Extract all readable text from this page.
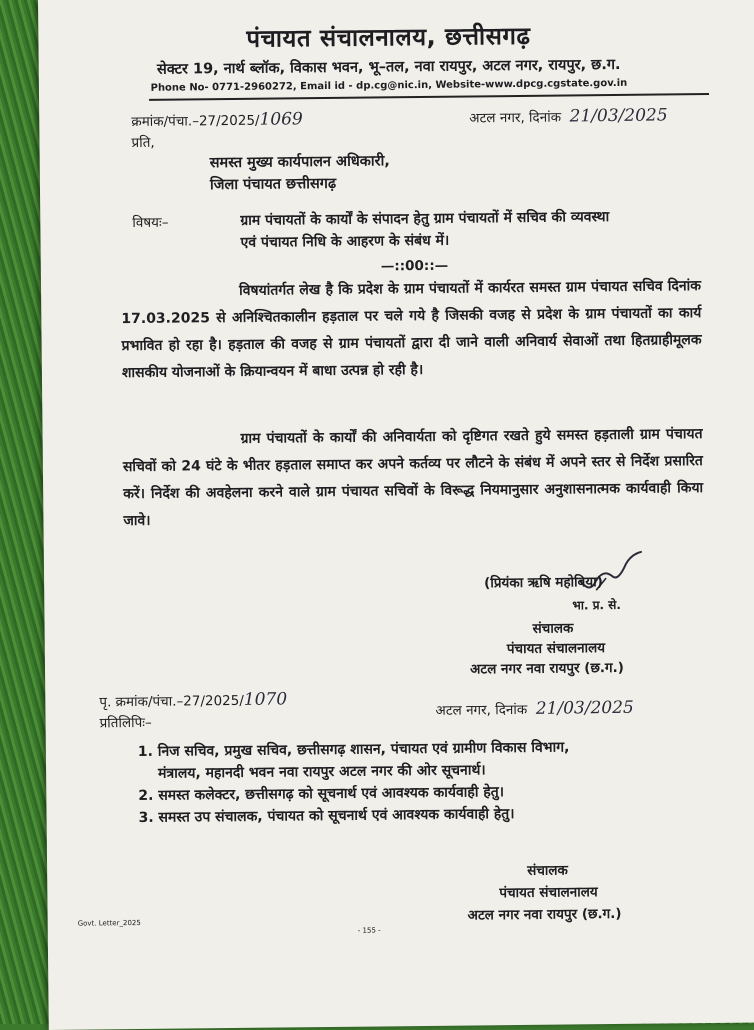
पंचायत संचालनालय, छत्तीसगढ़
सेक्टर 19, नार्थ ब्लॉक, विकास भवन, भू–तल, नवा रायपुर, अटल नगर, रायपुर, छ.ग.
Phone No- 0771-2960272, Email id - dp.cg@nic.in, Website-www.dpcg.cgstate.gov.in
क्रमांक/पंचा.–27/2025/1069	अटल नगर, दिनांक 21/03/2025
प्रति,
समस्त मुख्य कार्यपालन अधिकारी,
जिला पंचायत छत्तीसगढ़
विषयः–	ग्राम पंचायतों के कार्यों के संपादन हेतु ग्राम पंचायतों में सचिव की व्यवस्था
एवं पंचायत निधि के आहरण के संबंध में।
—::00::—
विषयांतर्गत लेख है कि प्रदेश के ग्राम पंचायतों में कार्यरत समस्त ग्राम पंचायत सचिव दिनांक 17.03.2025 से अनिश्चितकालीन हड़ताल पर चले गये है जिसकी वजह से प्रदेश के ग्राम पंचायतों का कार्य प्रभावित हो रहा है। हड़ताल की वजह से ग्राम पंचायतों द्वारा दी जाने वाली अनिवार्य सेवाओं तथा हितग्राहीमूलक शासकीय योजनाओं के क्रियान्वयन में बाधा उत्पन्न हो रही है।
ग्राम पंचायतों के कार्यों की अनिवार्यता को दृष्टिगत रखते हुये समस्त हड़ताली ग्राम पंचायत सचिवों को 24 घंटे के भीतर हड़ताल समाप्त कर अपने कर्तव्य पर लौटने के संबंध में अपने स्तर से निर्देश प्रसारित करें। निर्देश की अवहेलना करने वाले ग्राम पंचायत सचिवों के विरूद्ध नियमानुसार अनुशासनात्मक कार्यवाही किया जावे।
(प्रियंका ऋषि महोबिया)
भा. प्र. से.
संचालक
पंचायत संचालनालय
अटल नगर नवा रायपुर (छ.ग.)
पृ. क्रमांक/पंचा.–27/2025/1070
अटल नगर, दिनांक 21/03/2025
प्रतिलिपिः–
1. निज सचिव, प्रमुख सचिव, छत्तीसगढ़ शासन, पंचायत एवं ग्रामीण विकास विभाग,
मंत्रालय, महानदी भवन नवा रायपुर अटल नगर की ओर सूचनार्थ।
2. समस्त कलेक्टर, छत्तीसगढ़ को सूचनार्थ एवं आवश्यक कार्यवाही हेतु।
3. समस्त उप संचालक, पंचायत को सूचनार्थ एवं आवश्यक कार्यवाही हेतु।
संचालक
पंचायत संचालनालय
अटल नगर नवा रायपुर (छ.ग.)
Govt. Letter_2025
- 155 -
